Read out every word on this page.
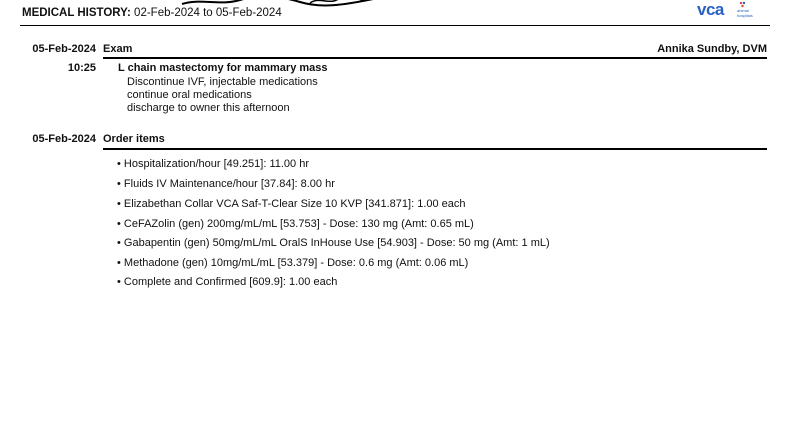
MEDICAL HISTORY: 02-Feb-2024 to 05-Feb-2024	vca	animal
hospitals
05-Feb-2024 Exam	Annika Sundby, DVM
10:25 L chain mastectomy for mammary mass
Discontinue IVF, injectable medications
continue oral medications
discharge to owner this afternoon
05-Feb-2024 Order items
• Hospitalization/hour [49.251]: 11.00 hr
• Fluids IV Maintenance/hour [37.84]: 8.00 hr
• Elizabethan Collar VCA Saf-T-Clear Size 10 KVP [341.871]: 1.00 each
• CeFAZolin (gen) 200mg/mL/mL [53.753] - Dose: 130 mg (Amt: 0.65 mL)
• Gabapentin (gen) 50mg/mL/mL OralS InHouse Use [54.903] - Dose: 50 mg (Amt: 1 mL)
• Methadone (gen) 10mg/mL/mL [53.379] - Dose: 0.6 mg (Amt: 0.06 mL)
• Complete and Confirmed [609.9]: 1.00 each
